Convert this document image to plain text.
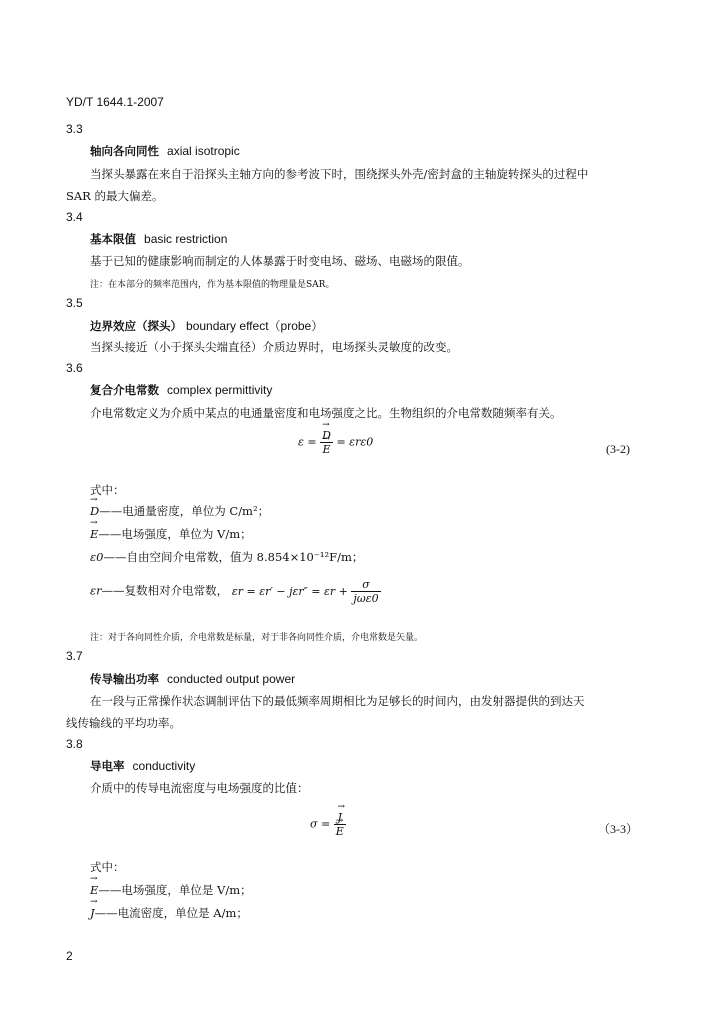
YD/T 1644.1-2007
3.3
轴向各向同性 axial isotropic
当探头暴露在来自于沿探头主轴方向的参考波下时，围绕探头外壳/密封盒的主轴旋转探头的过程中
SAR 的最大偏差。
3.4
基本限值 basic restriction
基于已知的健康影响而制定的人体暴露于时变电场、磁场、电磁场的限值。
注：在本部分的频率范围内，作为基本限值的物理量是SAR。
3.5
边界效应（探头） boundary effect（probe）
当探头接近（小于探头尖端直径）介质边界时，电场探头灵敏度的改变。
3.6
复合介电常数 complex permittivity
介电常数定义为介质中某点的电通量密度和电场强度之比。生物组织的介电常数随频率有关。
ε = → D
→ E = εrε0	(3-2)
式中：
→ D——电通量密度，单位为 C/m²；
→ E——电场强度，单位为 V/m；
ε0——自由空间介电常数，值为 8.854×10⁻¹²F/m；
εr——复数相对介电常数， $\varepsilon r = \varepsilon r' - j\varepsilon r'' = \varepsilon r + \frac{\sigma}{\text{jωε0}}$
注：对于各向同性介质，介电常数是标量，对于非各向同性介质，介电常数是矢量。
3.7
传导输出功率 conducted output power
在一段与正常操作状态调制评估下的最低频率周期相比为足够长的时间内，由发射器提供的到达天
线传输线的平均功率。
3.8
导电率 conductivity
介质中的传导电流密度与电场强度的比值：
σ = → J
→ E	（3-3）
式中：
→ E——电场强度，单位是 V/m；
→ J——电流密度，单位是 A/m；
2
